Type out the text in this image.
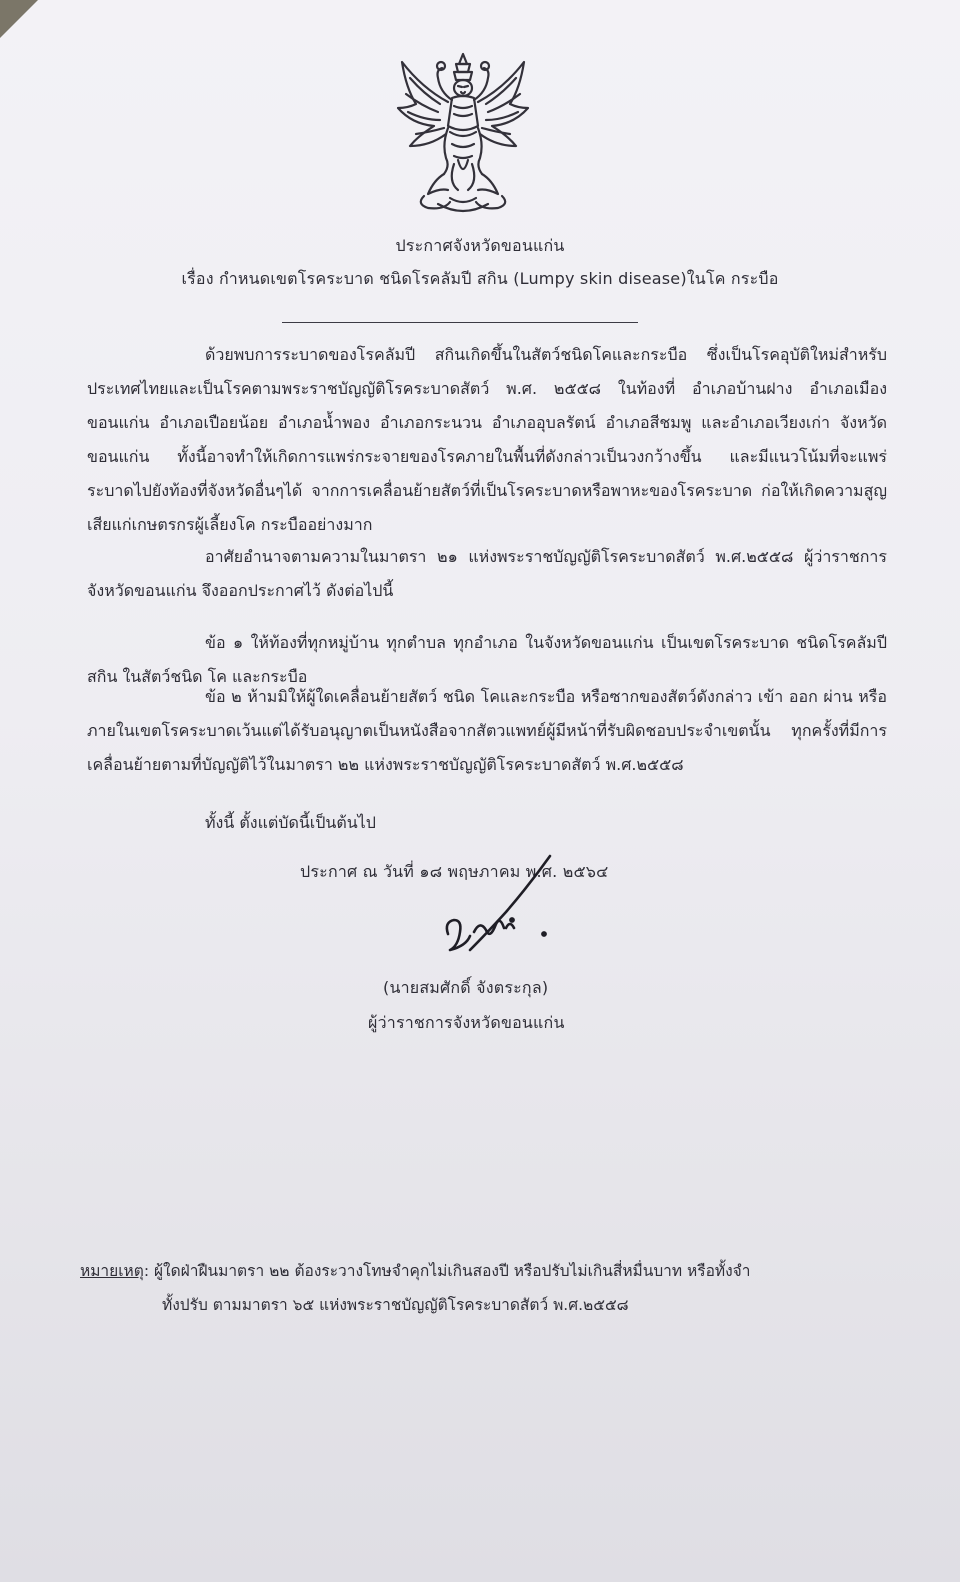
ประกาศจังหวัดขอนแก่น
เรื่อง กำหนดเขตโรคระบาด ชนิดโรคลัมปี สกิน (Lumpy skin disease)ในโค กระบือ
ด้วยพบการระบาดของโรคลัมปี สกินเกิดขึ้นในสัตว์ชนิดโคและกระบือ ซึ่งเป็นโรคอุบัติใหม่สำหรับประเทศไทยและเป็นโรคตามพระราชบัญญัติโรคระบาดสัตว์ พ.ศ. ๒๕๕๘ ในท้องที่ อำเภอบ้านฝาง อำเภอเมืองขอนแก่น อำเภอเปือยน้อย อำเภอน้ำพอง อำเภอกระนวน อำเภออุบลรัตน์ อำเภอสีชมพู และอำเภอเวียงเก่า จังหวัดขอนแก่น ทั้งนี้อาจทำให้เกิดการแพร่กระจายของโรคภายในพื้นที่ดังกล่าวเป็นวงกว้างขึ้น และมีแนวโน้มที่จะแพร่ระบาดไปยังท้องที่จังหวัดอื่นๆได้ จากการเคลื่อนย้ายสัตว์ที่เป็นโรคระบาดหรือพาหะของโรคระบาด ก่อให้เกิดความสูญเสียแก่เกษตรกรผู้เลี้ยงโค กระบืออย่างมาก
อาศัยอำนาจตามความในมาตรา ๒๑ แห่งพระราชบัญญัติโรคระบาดสัตว์ พ.ศ.๒๕๕๘ ผู้ว่าราชการจังหวัดขอนแก่น จึงออกประกาศไว้ ดังต่อไปนี้
ข้อ ๑ ให้ท้องที่ทุกหมู่บ้าน ทุกตำบล ทุกอำเภอ ในจังหวัดขอนแก่น เป็นเขตโรคระบาด ชนิดโรคลัมปี สกิน ในสัตว์ชนิด โค และกระบือ
ข้อ ๒ ห้ามมิให้ผู้ใดเคลื่อนย้ายสัตว์ ชนิด โคและกระบือ หรือซากของสัตว์ดังกล่าว เข้า ออก ผ่าน หรือภายในเขตโรคระบาดเว้นแต่ได้รับอนุญาตเป็นหนังสือจากสัตวแพทย์ผู้มีหน้าที่รับผิดชอบประจำเขตนั้น ทุกครั้งที่มีการเคลื่อนย้ายตามที่บัญญัติไว้ในมาตรา ๒๒ แห่งพระราชบัญญัติโรคระบาดสัตว์ พ.ศ.๒๕๕๘
ทั้งนี้ ตั้งแต่บัดนี้เป็นต้นไป
ประกาศ ณ วันที่ ๑๘ พฤษภาคม พ.ศ. ๒๕๖๔
(นายสมศักดิ์ จังตระกุล)
ผู้ว่าราชการจังหวัดขอนแก่น
หมายเหตุ: ผู้ใดฝ่าฝืนมาตรา ๒๒ ต้องระวางโทษจำคุกไม่เกินสองปี หรือปรับไม่เกินสี่หมื่นบาท หรือทั้งจำ
ทั้งปรับ ตามมาตรา ๖๕ แห่งพระราชบัญญัติโรคระบาดสัตว์ พ.ศ.๒๕๕๘
